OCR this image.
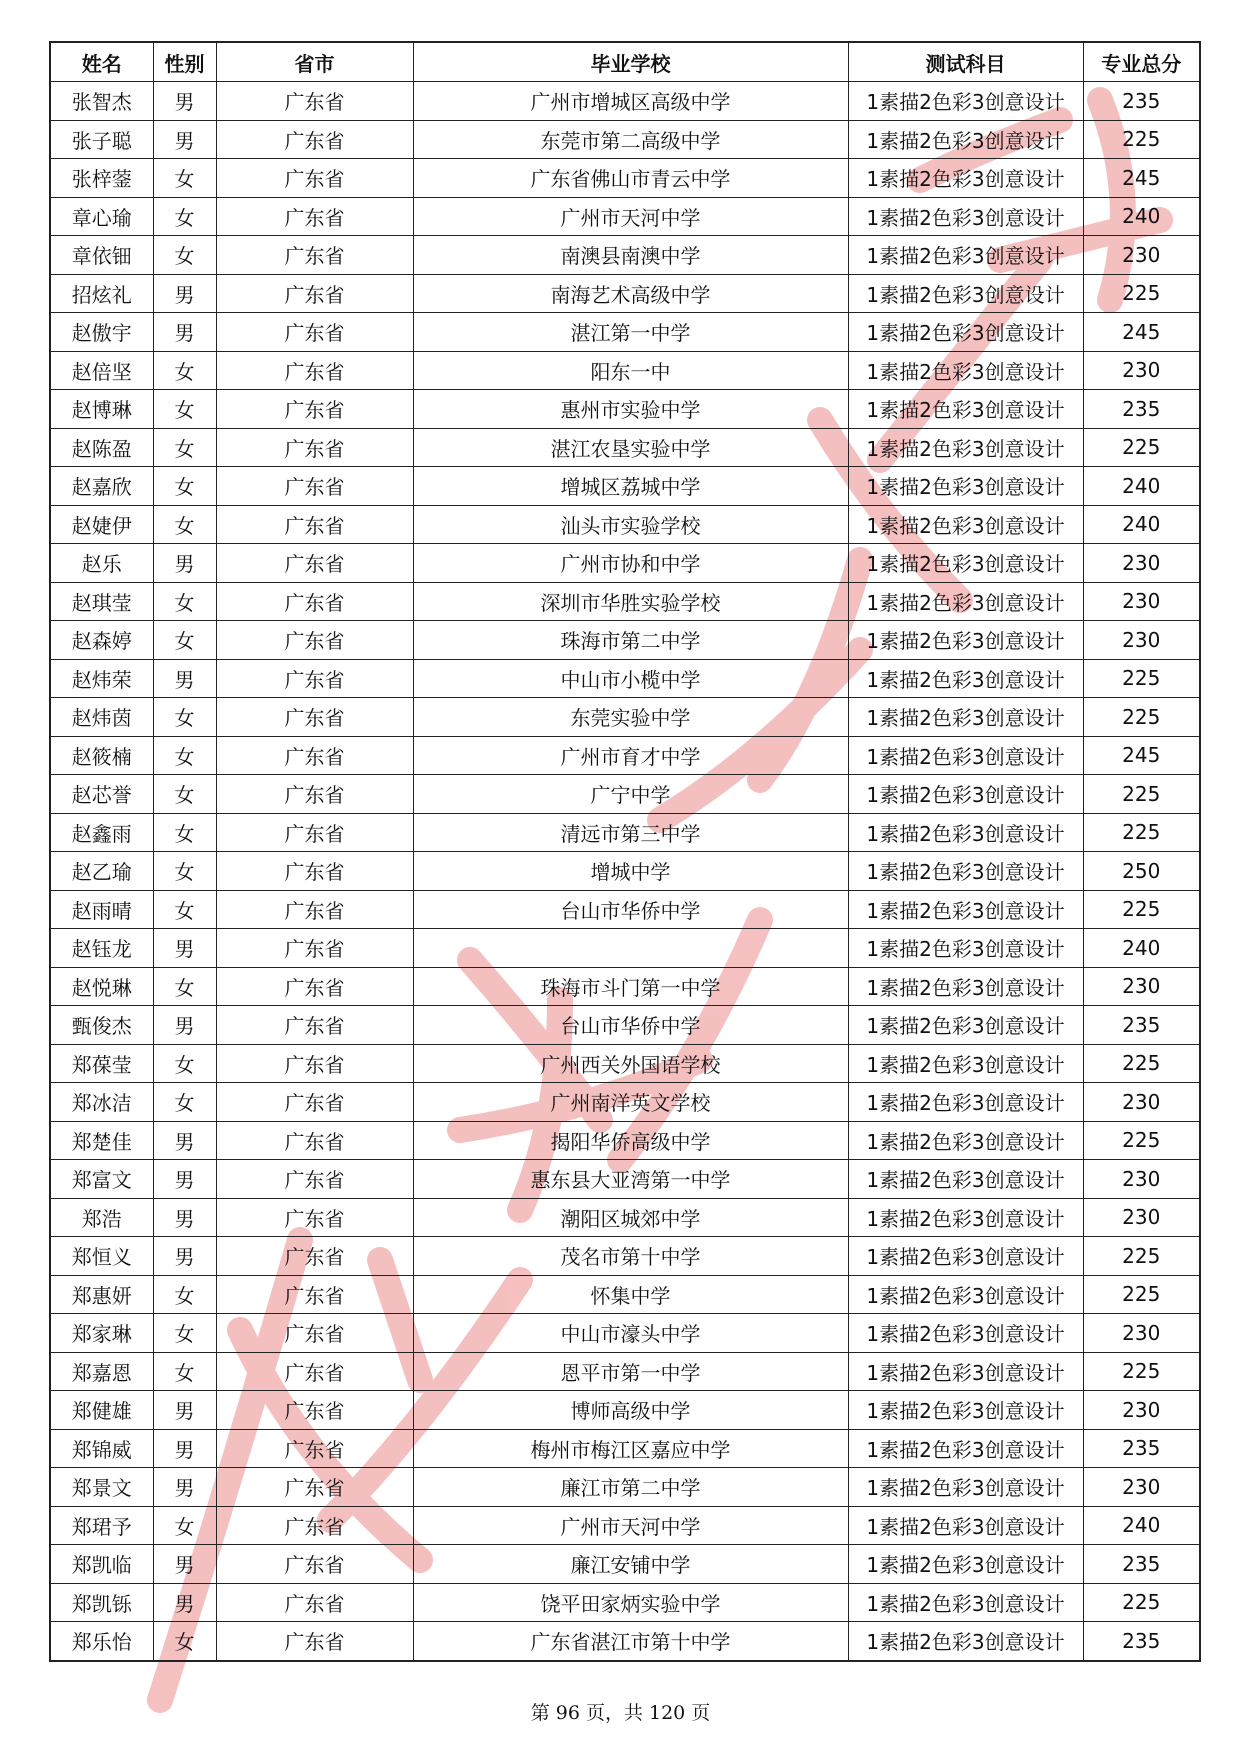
姓名	性别	省市	毕业学校	测试科目	专业总分
张智杰	男	广东省	广州市增城区高级中学	1素描2色彩3创意设计	235
张子聪	男	广东省	东莞市第二高级中学	1素描2色彩3创意设计	225
张梓蓥	女	广东省	广东省佛山市青云中学	1素描2色彩3创意设计	245
章心瑜	女	广东省	广州市天河中学	1素描2色彩3创意设计	240
章依钿	女	广东省	南澳县南澳中学	1素描2色彩3创意设计	230
招炫礼	男	广东省	南海艺术高级中学	1素描2色彩3创意设计	225
赵傲宇	男	广东省	湛江第一中学	1素描2色彩3创意设计	245
赵倍坚	女	广东省	阳东一中	1素描2色彩3创意设计	230
赵博琳	女	广东省	惠州市实验中学	1素描2色彩3创意设计	235
赵陈盈	女	广东省	湛江农垦实验中学	1素描2色彩3创意设计	225
赵嘉欣	女	广东省	增城区荔城中学	1素描2色彩3创意设计	240
赵婕伊	女	广东省	汕头市实验学校	1素描2色彩3创意设计	240
赵乐	男	广东省	广州市协和中学	1素描2色彩3创意设计	230
赵琪莹	女	广东省	深圳市华胜实验学校	1素描2色彩3创意设计	230
赵森婷	女	广东省	珠海市第二中学	1素描2色彩3创意设计	230
赵炜荣	男	广东省	中山市小榄中学	1素描2色彩3创意设计	225
赵炜茵	女	广东省	东莞实验中学	1素描2色彩3创意设计	225
赵筱楠	女	广东省	广州市育才中学	1素描2色彩3创意设计	245
赵芯誉	女	广东省	广宁中学	1素描2色彩3创意设计	225
赵鑫雨	女	广东省	清远市第三中学	1素描2色彩3创意设计	225
赵乙瑜	女	广东省	增城中学	1素描2色彩3创意设计	250
赵雨晴	女	广东省	台山市华侨中学	1素描2色彩3创意设计	225
赵钰龙	男	广东省		1素描2色彩3创意设计	240
赵悦琳	女	广东省	珠海市斗门第一中学	1素描2色彩3创意设计	230
甄俊杰	男	广东省	台山市华侨中学	1素描2色彩3创意设计	235
郑葆莹	女	广东省	广州西关外国语学校	1素描2色彩3创意设计	225
郑冰洁	女	广东省	广州南洋英文学校	1素描2色彩3创意设计	230
郑楚佳	男	广东省	揭阳华侨高级中学	1素描2色彩3创意设计	225
郑富文	男	广东省	惠东县大亚湾第一中学	1素描2色彩3创意设计	230
郑浩	男	广东省	潮阳区城郊中学	1素描2色彩3创意设计	230
郑恒义	男	广东省	茂名市第十中学	1素描2色彩3创意设计	225
郑惠妍	女	广东省	怀集中学	1素描2色彩3创意设计	225
郑家琳	女	广东省	中山市濠头中学	1素描2色彩3创意设计	230
郑嘉恩	女	广东省	恩平市第一中学	1素描2色彩3创意设计	225
郑健雄	男	广东省	博师高级中学	1素描2色彩3创意设计	230
郑锦威	男	广东省	梅州市梅江区嘉应中学	1素描2色彩3创意设计	235
郑景文	男	广东省	廉江市第二中学	1素描2色彩3创意设计	230
郑珺予	女	广东省	广州市天河中学	1素描2色彩3创意设计	240
郑凯临	男	广东省	廉江安铺中学	1素描2色彩3创意设计	235
郑凯铄	男	广东省	饶平田家炳实验中学	1素描2色彩3创意设计	225
郑乐怡	女	广东省	广东省湛江市第十中学	1素描2色彩3创意设计	235
第 96 页，共 120 页
